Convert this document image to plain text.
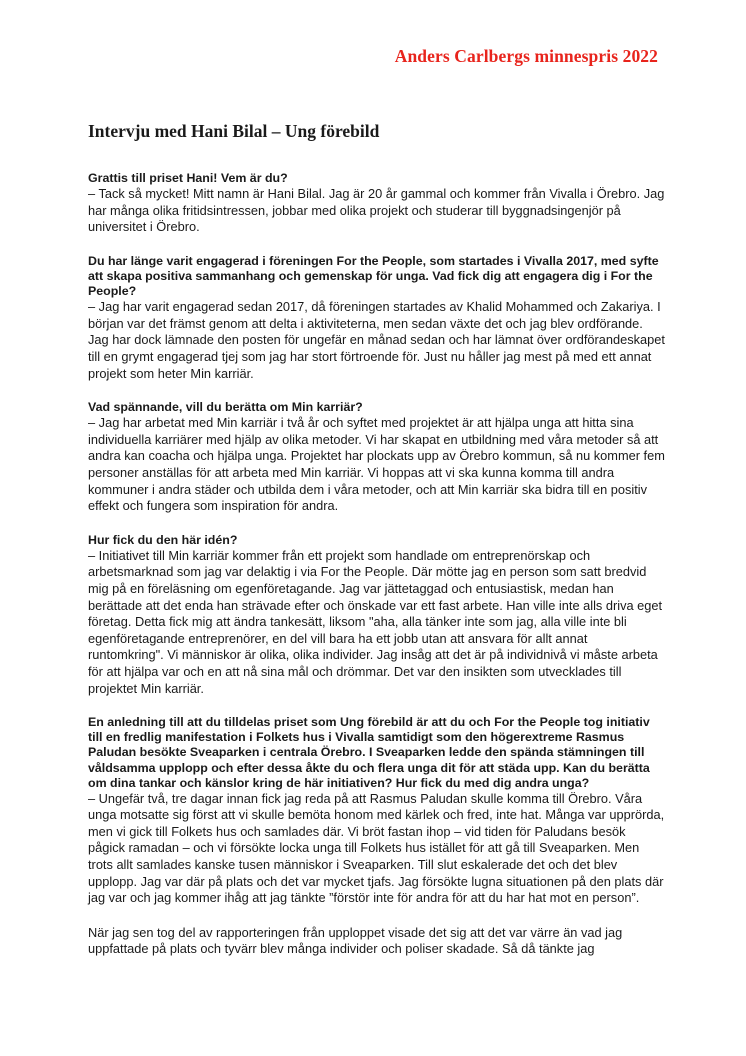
Anders Carlbergs minnespris 2022
Intervju med Hani Bilal – Ung förebild

Grattis till priset Hani! Vem är du?

– Tack så mycket! Mitt namn är Hani Bilal. Jag är 20 år gammal och kommer från Vivalla i Örebro. Jag har många olika fritidsintressen, jobbar med olika projekt och studerar till byggnadsingenjör på universitet i Örebro.

Du har länge varit engagerad i föreningen For the People, som startades i Vivalla 2017, med syfte att skapa positiva sammanhang och gemenskap för unga. Vad fick dig att engagera dig i For the People?

– Jag har varit engagerad sedan 2017, då föreningen startades av Khalid Mohammed och Zakariya. I början var det främst genom att delta i aktiviteterna, men sedan växte det och jag blev ordförande. Jag har dock lämnade den posten för ungefär en månad sedan och har lämnat över ordförandeskapet till en grymt engagerad tjej som jag har stort förtroende för. Just nu håller jag mest på med ett annat projekt som heter Min karriär.

Vad spännande, vill du berätta om Min karriär?

– Jag har arbetat med Min karriär i två år och syftet med projektet är att hjälpa unga att hitta sina individuella karriärer med hjälp av olika metoder. Vi har skapat en utbildning med våra metoder så att andra kan coacha och hjälpa unga. Projektet har plockats upp av Örebro kommun, så nu kommer fem personer anställas för att arbeta med Min karriär. Vi hoppas att vi ska kunna komma till andra kommuner i andra städer och utbilda dem i våra metoder, och att Min karriär ska bidra till en positiv effekt och fungera som inspiration för andra.

Hur fick du den här idén?

– Initiativet till Min karriär kommer från ett projekt som handlade om entreprenörskap och arbetsmarknad som jag var delaktig i via For the People. Där mötte jag en person som satt bredvid mig på en föreläsning om egenföretagande. Jag var jättetaggad och entusiastisk, medan han berättade att det enda han strävade efter och önskade var ett fast arbete. Han ville inte alls driva eget företag. Detta fick mig att ändra tankesätt, liksom "aha, alla tänker inte som jag, alla ville inte bli egenföretagande entreprenörer, en del vill bara ha ett jobb utan att ansvara för allt annat runtomkring". Vi människor är olika, olika individer. Jag insåg att det är på individnivå vi måste arbeta för att hjälpa var och en att nå sina mål och drömmar. Det var den insikten som utvecklades till projektet Min karriär.

En anledning till att du tilldelas priset som Ung förebild är att du och For the People tog initiativ till en fredlig manifestation i Folkets hus i Vivalla samtidigt som den högerextreme Rasmus Paludan besökte Sveaparken i centrala Örebro. I Sveaparken ledde den spända stämningen till våldsamma upplopp och efter dessa åkte du och flera unga dit för att städa upp. Kan du berätta om dina tankar och känslor kring de här initiativen? Hur fick du med dig andra unga?

– Ungefär två, tre dagar innan fick jag reda på att Rasmus Paludan skulle komma till Örebro. Våra unga motsatte sig först att vi skulle bemöta honom med kärlek och fred, inte hat. Många var upprörda, men vi gick till Folkets hus och samlades där. Vi bröt fastan ihop – vid tiden för Paludans besök pågick ramadan – och vi försökte locka unga till Folkets hus istället för att gå till Sveaparken. Men trots allt samlades kanske tusen människor i Sveaparken. Till slut eskalerade det och det blev upplopp. Jag var där på plats och det var mycket tjafs. Jag försökte lugna situationen på den plats där jag var och jag kommer ihåg att jag tänkte ”förstör inte för andra för att du har hat mot en person”.

När jag sen tog del av rapporteringen från upploppet visade det sig att det var värre än vad jag uppfattade på plats och tyvärr blev många individer och poliser skadade. Så då tänkte jag
